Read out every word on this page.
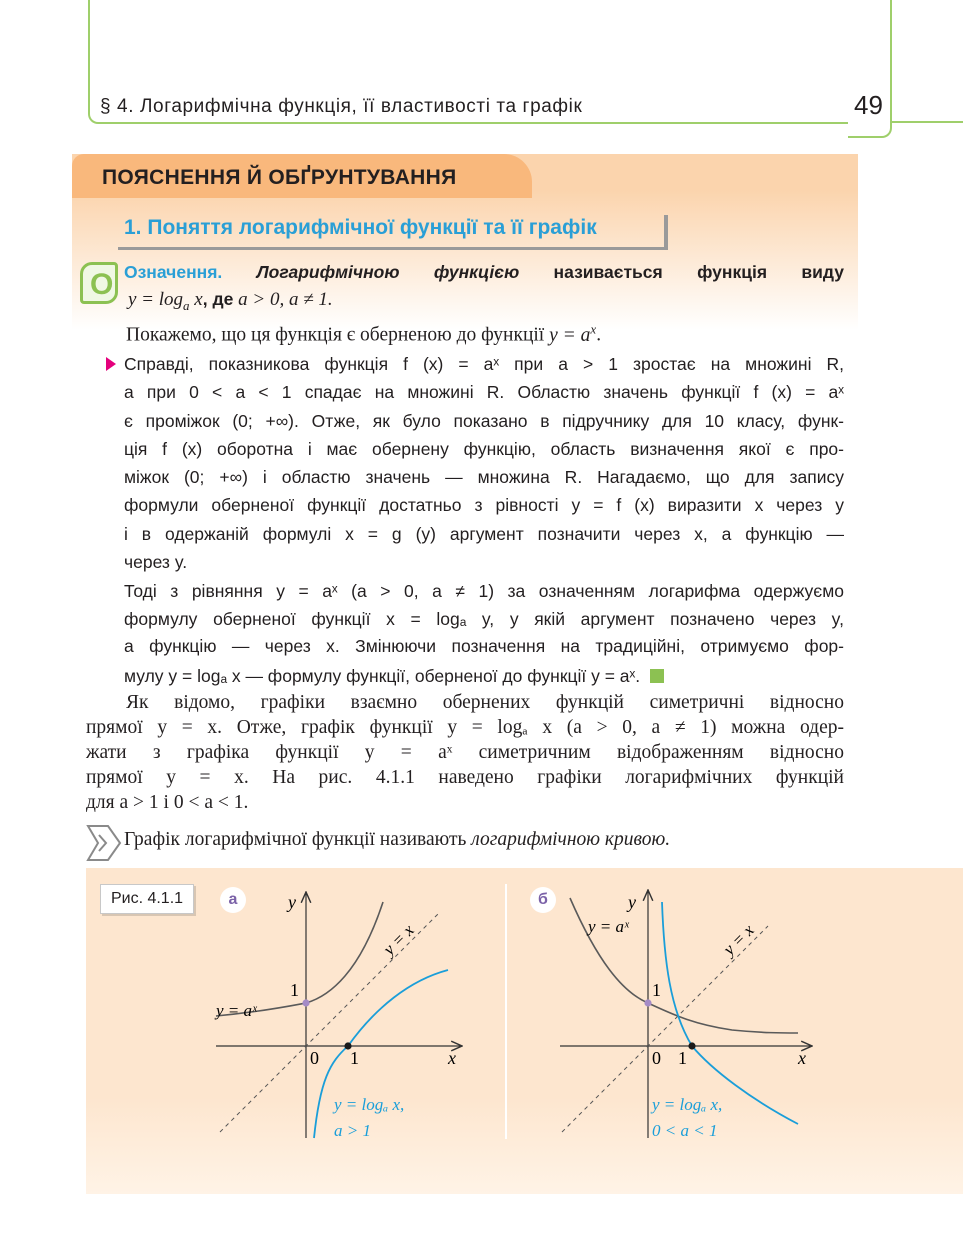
§ 4. Логарифмічна функція, її властивості та графік	49
ПОЯСНЕННЯ Й ОБҐРУНТУВАННЯ
1. Поняття логарифмічної функції та її графік
О Означення. Логарифмічною функцією називається функція виду
$y = \log_a x$, де a > 0, a ≠ 1.
Покажемо, що ця функція є оберненою до функції $y = a^x$.
Справді, показникова функція f (x) = aˣ при a > 1 зростає на множині R,
а при 0 < a < 1 спадає на множині R. Областю значень функції f (x) = aˣ
є проміжок (0; +∞). Отже, як було показано в підручнику для 10 класу, функ-
ція f (x) оборотна і має обернену функцію, область визначення якої є про-
міжок (0; +∞) і областю значень — множина R. Нагадаємо, що для запису
формули оберненої функції достатньо з рівності y = f (x) виразити x через y
і в одержаній формулі x = g (y) аргумент позначити через x, а функцію —
через y.
Тоді з рівняння y = aˣ (a > 0, a ≠ 1) за означенням логарифма одержуємо
формулу оберненої функції x = logₐ y, у якій аргумент позначено через y,
а функцію — через x. Змінюючи позначення на традиційні, отримуємо фор-
мулу y = logₐ x — формулу функції, оберненої до функції y = aˣ.
Як відомо, графіки взаємно обернених функцій симетричні відносно
прямої y = x. Отже, графік функції y = logₐ x (a > 0, a ≠ 1) можна одер-
жати з графіка функції y = aˣ симетричним відображенням відносно
прямої y = x. На рис. 4.1.1 наведено графіки логарифмічних функцій
для a > 1 і 0 < a < 1.
Графік логарифмічної функції називають логарифмічною кривою.
Рис. 4.1.1	а	б
y
x
0 1
1
y = aˣ
y = x
y = logₐ x,
a > 1
y
x
0 1
1
y = aˣ	y = x
y = logₐ x,
0 < a < 1
